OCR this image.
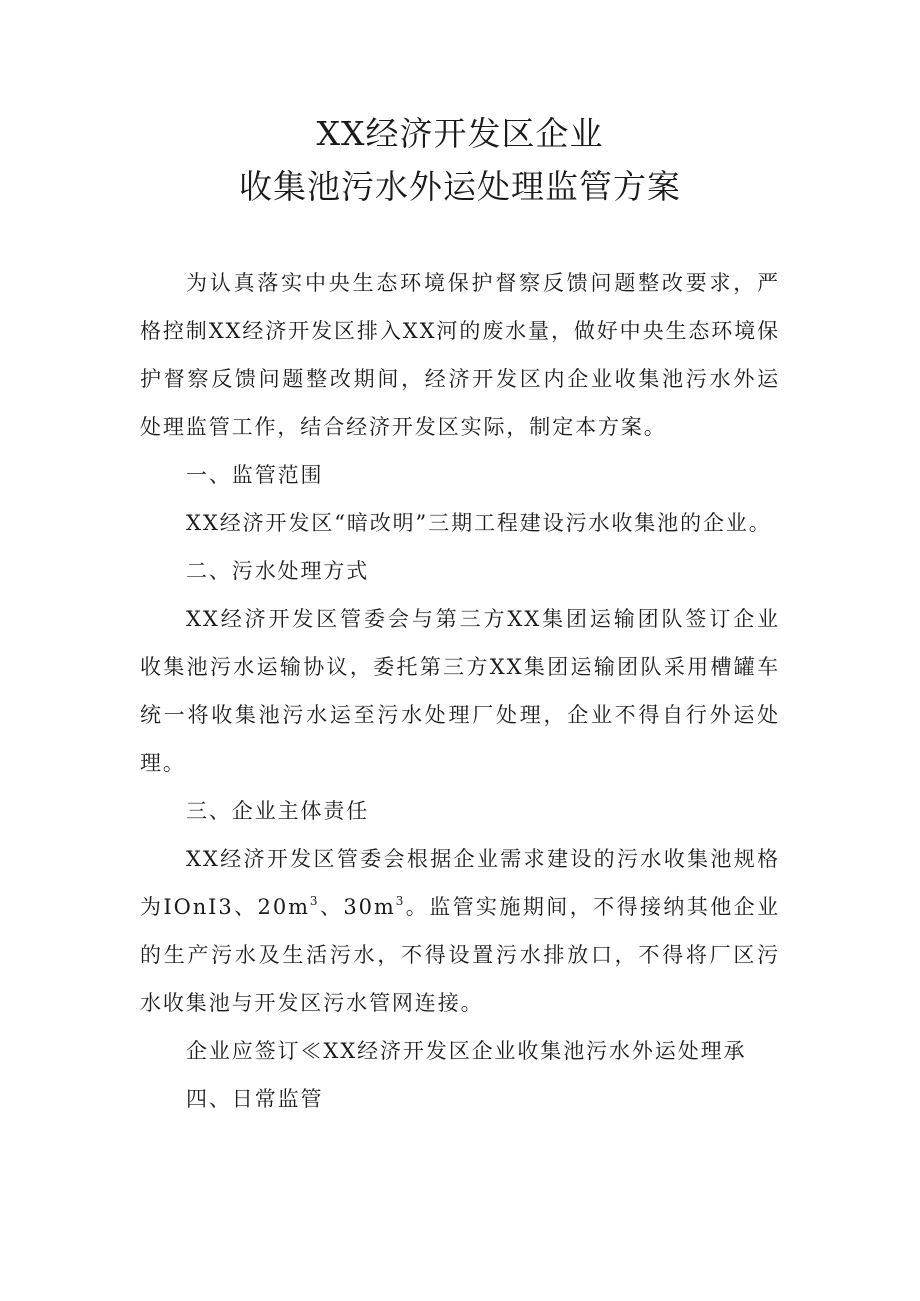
XX经济开发区企业
收集池污水外运处理监管方案

为认真落实中央生态环境保护督察反馈问题整改要求，严格控制XX经济开发区排入XX河的废水量，做好中央生态环境保护督察反馈问题整改期间，经济开发区内企业收集池污水外运处理监管工作，结合经济开发区实际，制定本方案。

一、监管范围

XX经济开发区“暗改明”三期工程建设污水收集池的企业。

二、污水处理方式

XX经济开发区管委会与第三方XX集团运输团队签订企业收集池污水运输协议，委托第三方XX集团运输团队采用槽罐车统一将收集池污水运至污水处理厂处理，企业不得自行外运处理。

三、企业主体责任

XX经济开发区管委会根据企业需求建设的污水收集池规格为IOnI3、$20m^3$、$30m^3$。监管实施期间，不得接纳其他企业的生产污水及生活污水，不得设置污水排放口，不得将厂区污水收集池与开发区污水管网连接。

企业应签订≪XX经济开发区企业收集池污水外运处理承

四、日常监管
